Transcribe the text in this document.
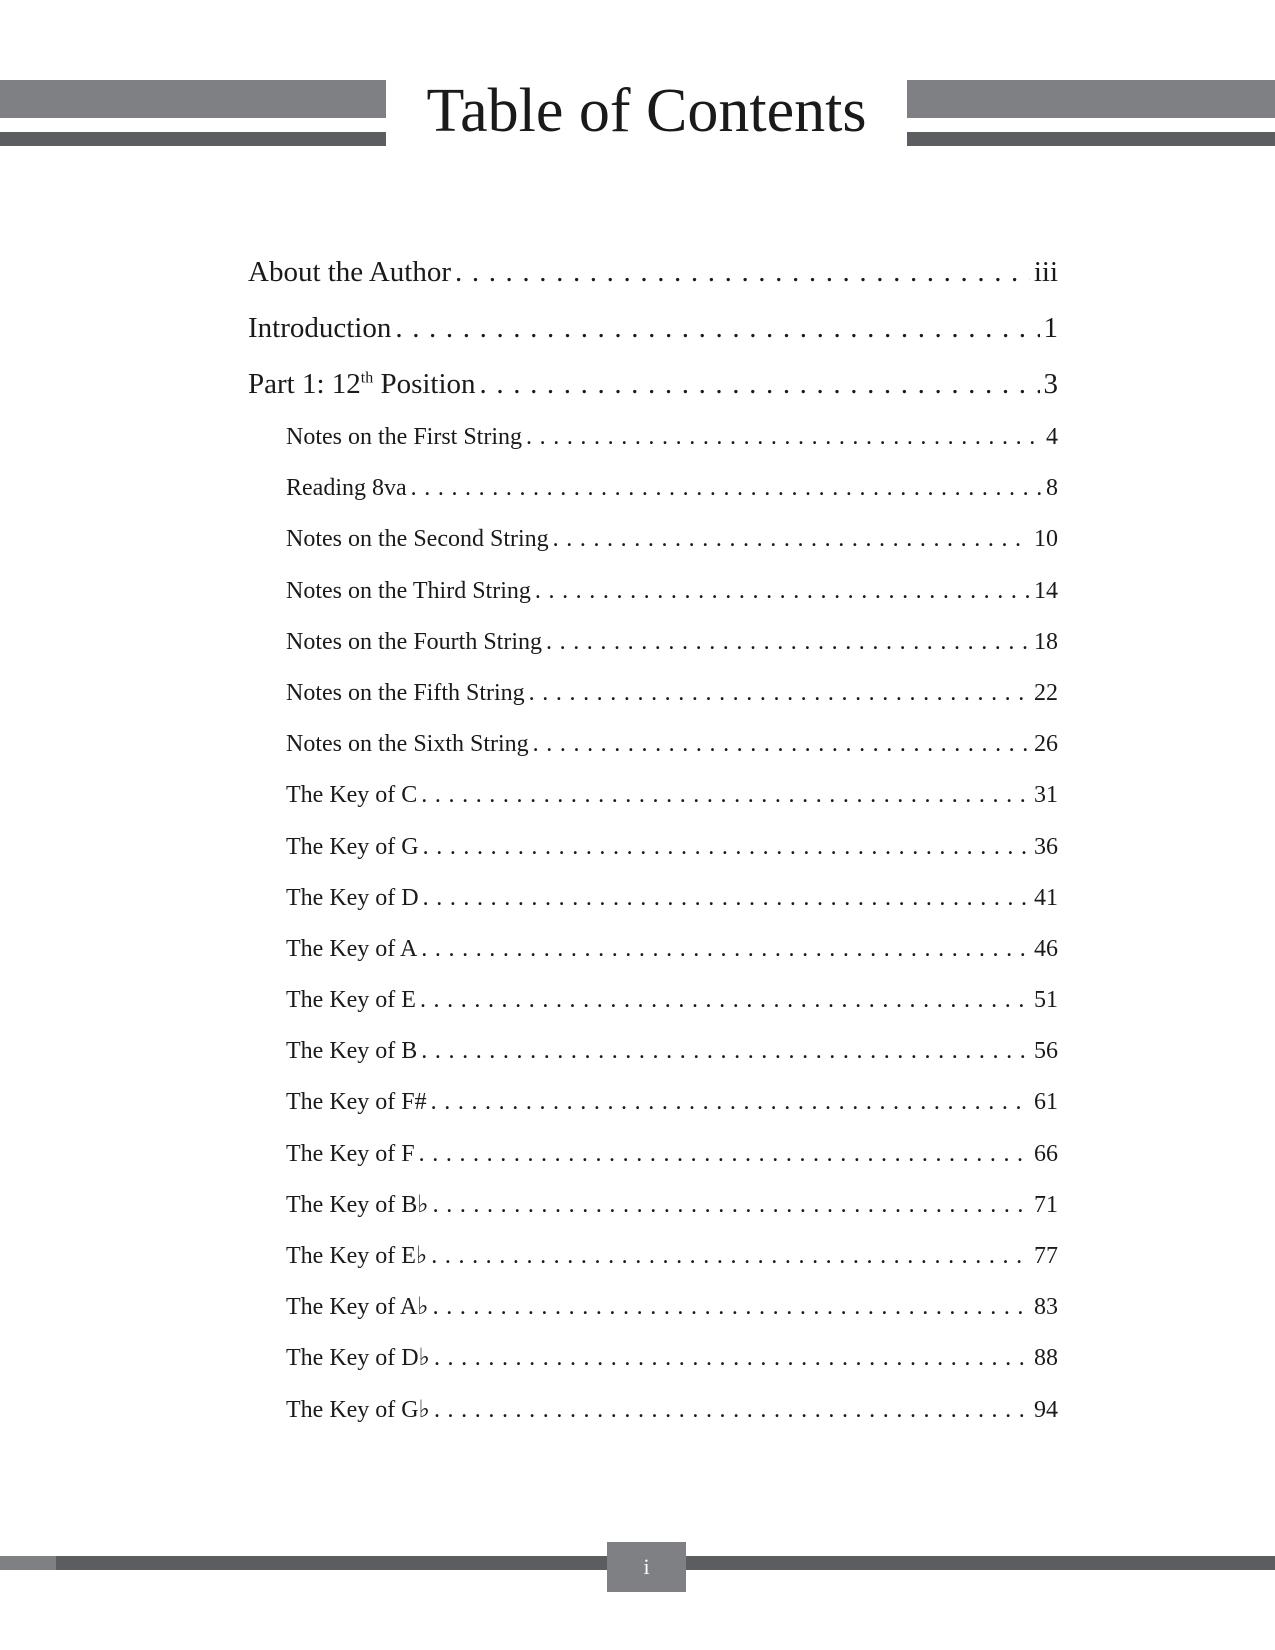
Table of Contents
About the Author .....	iii
Introduction .....	1
Part 1: 12th Position .....	3
Notes on the First String .....	4
Reading 8va .....	8
Notes on the Second String .....	10
Notes on the Third String .....	14
Notes on the Fourth String .....	18
Notes on the Fifth String .....	22
Notes on the Sixth String .....	26
The Key of C .....	31
The Key of G .....	36
The Key of D .....	41
The Key of A .....	46
The Key of E .....	51
The Key of B .....	56
The Key of F# .....	61
The Key of F .....	66
The Key of B♭ .....	71
The Key of E♭ .....	77
The Key of A♭ .....	83
The Key of D♭ .....	88
The Key of G♭ .....	94
i
